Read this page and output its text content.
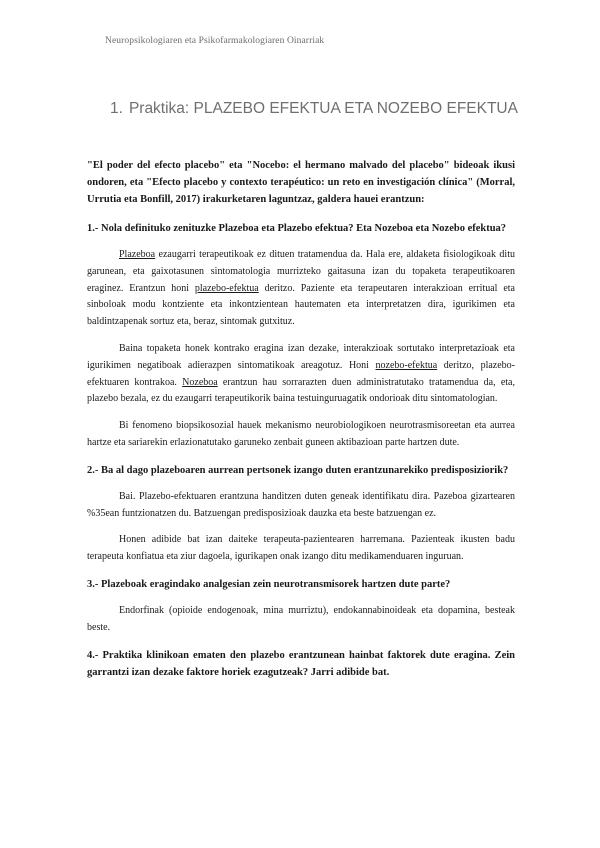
Neuropsikologiaren eta Psikofarmakologiaren Oinarriak
1. Praktika: PLAZEBO EFEKTUA ETA NOZEBO EFEKTUA

"El poder del efecto placebo" eta "Nocebo: el hermano malvado del placebo" bideoak ikusi ondoren, eta "Efecto placebo y contexto terapéutico: un reto en investigación clínica" (Morral, Urrutia eta Bonfill, 2017) irakurketaren laguntzaz, galdera hauei erantzun:

1.- Nola definituko zenituzke Plazeboa eta Plazebo efektua? Eta Nozeboa eta Nozebo efektua?

Plazeboa ezaugarri terapeutikoak ez dituen tratamendua da. Hala ere, aldaketa fisiologikoak ditu garunean, eta gaixotasunen sintomatologia murrizteko gaitasuna izan du topaketa terapeutikoaren eraginez. Erantzun honi plazebo-efektua deritzo. Paziente eta terapeutaren interakzioan erritual eta sinboloak modu kontziente eta inkontzientean hautematen eta interpretatzen dira, igurikimen eta baldintzapenak sortuz eta, beraz, sintomak gutxituz.

Baina topaketa honek kontrako eragina izan dezake, interakzioak sortutako interpretazioak eta igurikimen negatiboak adierazpen sintomatikoak areagotuz. Honi nozebo-efektua deritzo, plazebo-efektuaren kontrakoa. Nozeboa erantzun hau sorrarazten duen administratutako tratamendua da, eta, plazebo bezala, ez du ezaugarri terapeutikorik baina testuinguruagatik ondorioak ditu sintomatologian.

Bi fenomeno biopsikosozial hauek mekanismo neurobiologikoen neurotrasmisoreetan eta aurrea hartze eta sariarekin erlazionatutako garuneko zenbait guneen aktibazioan parte hartzen dute.

2.- Ba al dago plazeboaren aurrean pertsonek izango duten erantzunarekiko predisposiziorik?

Bai. Plazebo-efektuaren erantzuna handitzen duten geneak identifikatu dira. Pazeboa gizartearen %35ean funtzionatzen du. Batzuengan predisposizioak dauzka eta beste batzuengan ez.

Honen adibide bat izan daiteke terapeuta-pazientearen harremana. Pazienteak ikusten badu terapeuta konfiatua eta ziur dagoela, igurikapen onak izango ditu medikamenduaren inguruan.

3.- Plazeboak eragindako analgesian zein neurotransmisorek hartzen dute parte?

Endorfinak (opioide endogenoak, mina murriztu), endokannabinoideak eta dopamina, besteak beste.

4.- Praktika klinikoan ematen den plazebo erantzunean hainbat faktorek dute eragina. Zein garrantzi izan dezake faktore horiek ezagutzeak? Jarri adibide bat.
